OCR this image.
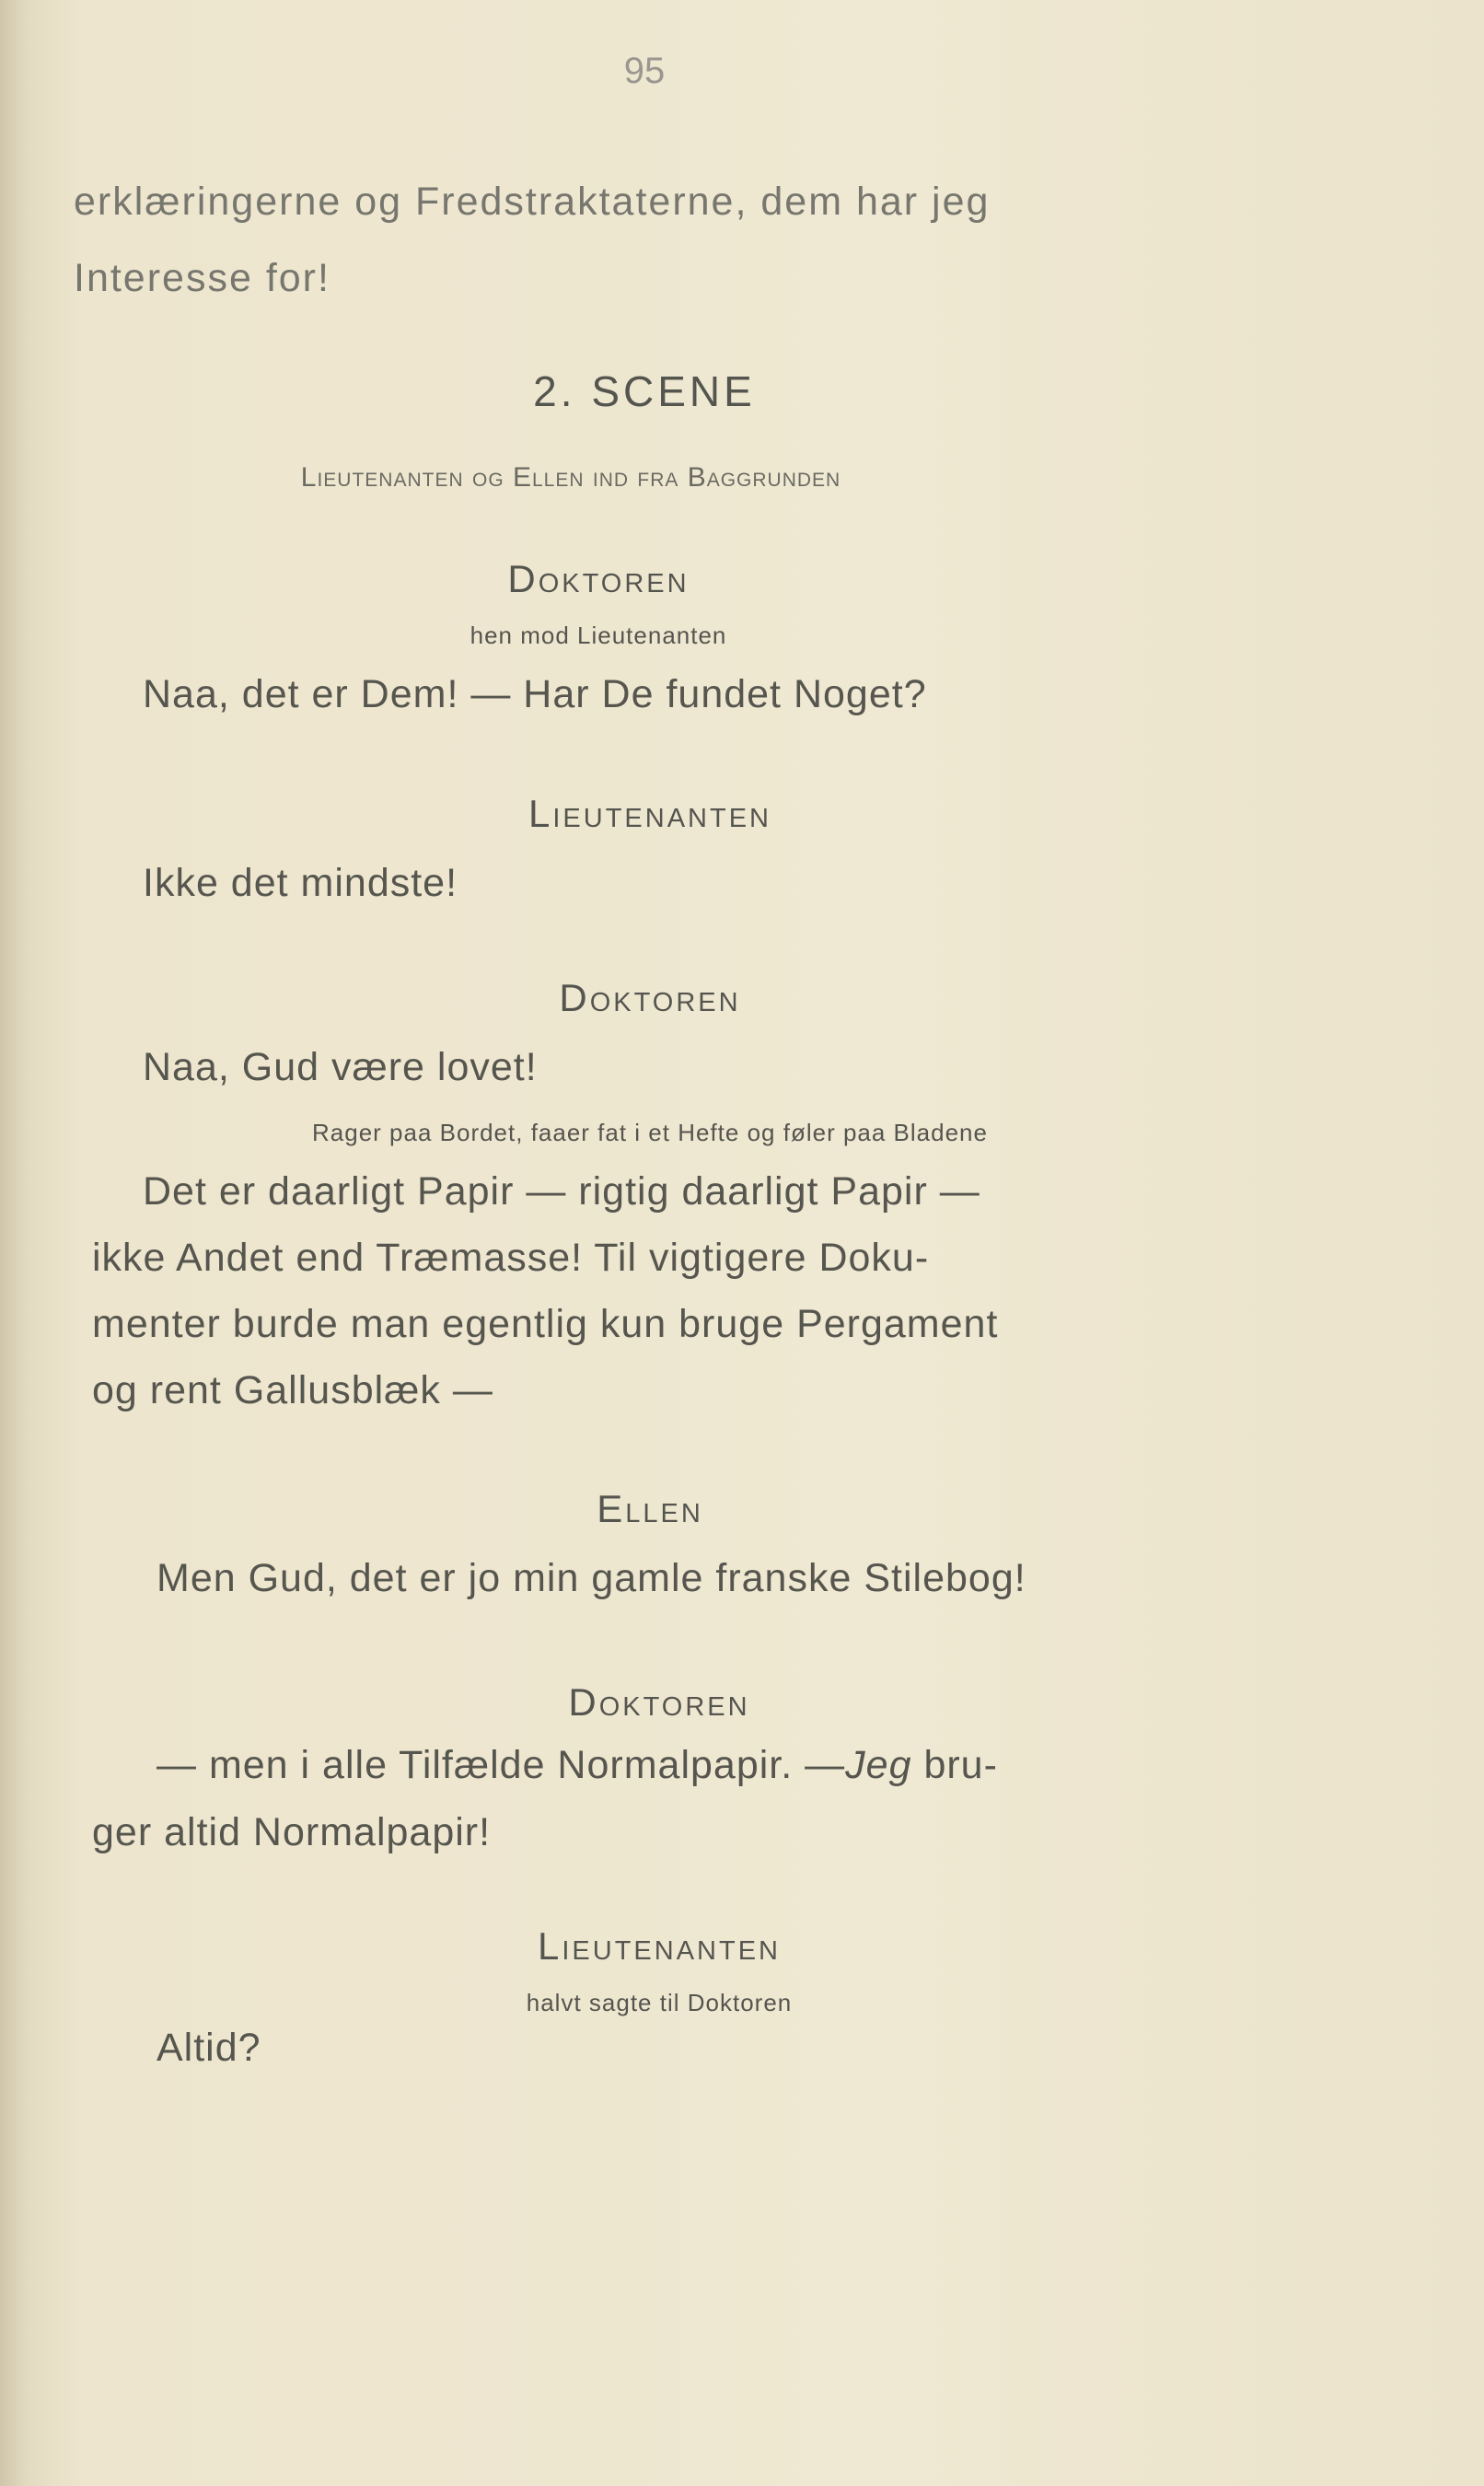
95
erklæringerne og Fredstraktaterne, dem har jeg
Interesse for!
2. SCENE
Lieutenanten og Ellen ind fra Baggrunden
Doktoren
hen mod Lieutenanten
Naa, det er Dem! — Har De fundet Noget?
Lieutenanten
Ikke det mindste!
Doktoren
Naa, Gud være lovet!
Rager paa Bordet, faaer fat i et Hefte og føler paa Bladene
Det er daarligt Papir — rigtig daarligt Papir —
ikke Andet end Træmasse! Til vigtigere Doku-
menter burde man egentlig kun bruge Pergament
og rent Gallusblæk —
Ellen
Men Gud, det er jo min gamle franske Stilebog!
Doktoren
— men i alle Tilfælde Normalpapir. —Jeg bru-
ger altid Normalpapir!
Lieutenanten
halvt sagte til Doktoren
Altid?
